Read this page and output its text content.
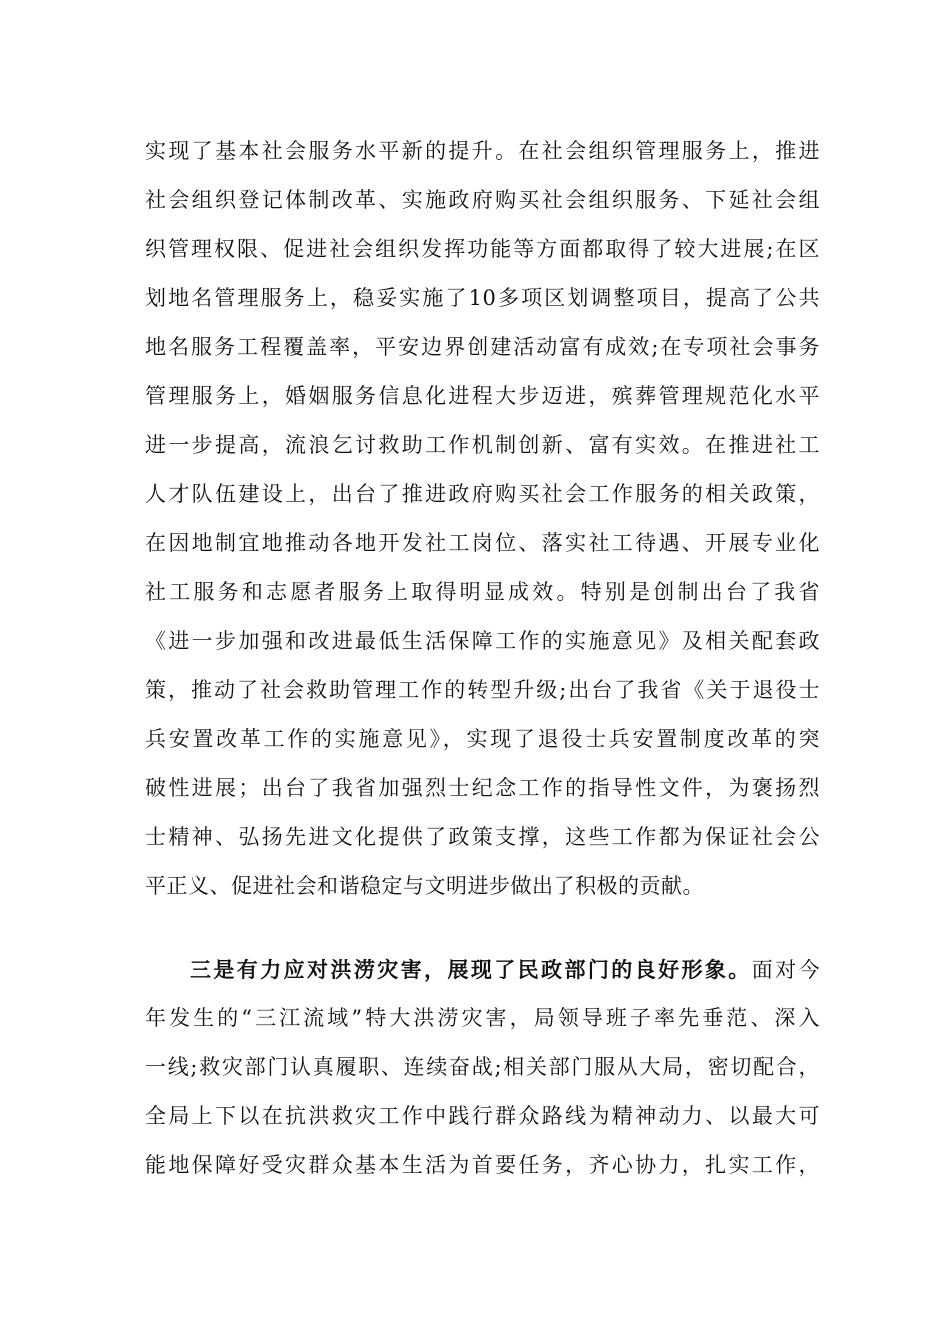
实现了基本社会服务水平新的提升。在社会组织管理服务上，推进
社会组织登记体制改革、实施政府购买社会组织服务、下延社会组
织管理权限、促进社会组织发挥功能等方面都取得了较大进展;在区
划地名管理服务上，稳妥实施了10多项区划调整项目，提高了公共
地名服务工程覆盖率，平安边界创建活动富有成效;在专项社会事务
管理服务上，婚姻服务信息化进程大步迈进，殡葬管理规范化水平
进一步提高，流浪乞讨救助工作机制创新、富有实效。在推进社工
人才队伍建设上，出台了推进政府购买社会工作服务的相关政策，
在因地制宜地推动各地开发社工岗位、落实社工待遇、开展专业化
社工服务和志愿者服务上取得明显成效。特别是创制出台了我省
《进一步加强和改进最低生活保障工作的实施意见》及相关配套政
策，推动了社会救助管理工作的转型升级;出台了我省《关于退役士
兵安置改革工作的实施意见》，实现了退役士兵安置制度改革的突
破性进展；出台了我省加强烈士纪念工作的指导性文件，为褒扬烈
士精神、弘扬先进文化提供了政策支撑，这些工作都为保证社会公
平正义、促进社会和谐稳定与文明进步做出了积极的贡献。
三是有力应对洪涝灾害，展现了民政部门的良好形象。面对今
年发生的“三江流域”特大洪涝灾害，局领导班子率先垂范、深入
一线;救灾部门认真履职、连续奋战;相关部门服从大局，密切配合，
全局上下以在抗洪救灾工作中践行群众路线为精神动力、以最大可
能地保障好受灾群众基本生活为首要任务，齐心协力，扎实工作，
